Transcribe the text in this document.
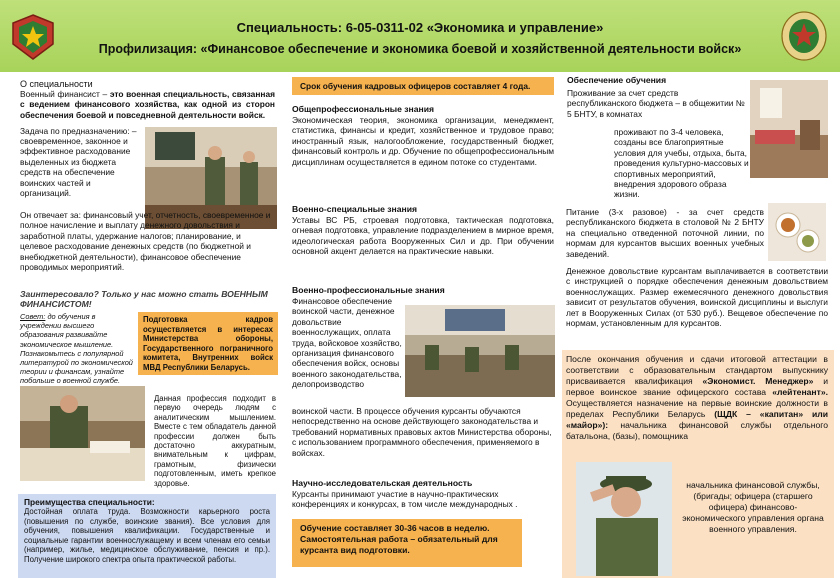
Специальность: 6-05-0311-02 «Экономика и управление»
Профилизация: «Финансовое обеспечение и экономика боевой и хозяйственной деятельности войск»
О специальности
Военный финансист – это военная специальность, связанная с ведением финансового хозяйства, как одной из сторон обеспечения боевой и повседневной деятельности войск.
Задача по предназначению: –
своевременное, законное и эффективное расходование выделенных из бюджета средств на обеспечение воинских частей и организаций.
Он отвечает за: финансовый учет, отчетность, своевременное и полное начисление и выплату денежного довольствия и заработной платы, удержание налогов; планирование, и целевое расходование денежных средств (по бюджетной и внебюджетной деятельности), финансовое обеспечение проводимых мероприятий.
Заинтересовало? Только у нас можно стать ВОЕННЫМ ФИНАНСИСТОМ!
Совет: до обучения в учреждении высшего образования развивайте экономическое мышление. Познакомьтесь с популярной литературой по экономической теории и финансам, узнайте побольше о военной службе.
Подготовка кадров осуществляется в интересах Министерства обороны, Государственного пограничного комитета, Внутренних войск МВД Республики Беларусь.
Данная профессия подходит в первую очередь людям с аналитическим мышлением. Вместе с тем обладатель данной профессии должен быть достаточно аккуратным, внимательным к цифрам, грамотным, физически подготовленным, иметь крепкое здоровье.
Преимущества специальности:
Достойная оплата труда. Возможности карьерного роста (повышения по службе, воинские звания). Все условия для обучения, повышения квалификации. Государственные и социальные гарантии военнослужащему и всем членам его семьи (например, жилье, медицинское обслуживание, пенсия и пр.). Получение широкого спектра опыта практической работы.
Срок обучения кадровых офицеров составляет 4 года.
Общепрофессиональные знания
Экономическая теория, экономика организации, менеджмент, статистика, финансы и кредит, хозяйственное и трудовое право; иностранный язык, налогообложение, государственный бюджет, финансовый контроль и др. Обучение по общепрофессиональным дисциплинам осуществляется в едином потоке со студентами.
Военно-специальные знания
Уставы ВС РБ, строевая подготовка, тактическая подготовка, огневая подготовка, управление подразделением в мирное время, идеологическая работа Вооруженных Сил и др. При обучении основной акцент делается на практические навыки.
Военно-профессиональные знания
Финансовое обеспечение воинской части, денежное довольствие военнослужащих, оплата труда, войсковое хозяйство, организация финансового обеспечения войск, основы военного законодательства, делопроизводство
воинской части. В процессе обучения курсанты обучаются непосредственно на основе действующего законодательства и требований нормативных правовых актов Министерства обороны, с использованием программного обеспечения, применяемого в войсках.
Научно-исследовательская деятельность
Курсанты принимают участие в научно-практических конференциях и конкурсах, в том числе международных .
Обучение составляет 30-36 часов в неделю. Самостоятельная работа – обязательный для курсанта вид подготовки.
Обеспечение обучения
Проживание за счет средств республиканского бюджета – в общежитии № 5 БНТУ, в комнатах
проживают по 3-4 человека, созданы все благоприятные условия для учебы, отдыха, быта, проведения культурно-массовых и спортивных мероприятий, внедрения здорового образа жизни.
Питание (3-х разовое) - за счет средств республиканского бюджета в столовой № 2 БНТУ на специально отведенной поточной линии, по нормам для курсантов высших военных учебных заведений.
Денежное довольствие курсантам выплачивается в соответствии с инструкцией о порядке обеспечения денежным довольствием военнослужащих. Размер ежемесячного денежного довольствия зависит от результатов обучения, воинской дисциплины и выслуги лет в Вооруженных Силах (от 530 руб.). Вещевое обеспечение по нормам, установленным для курсантов.
После окончания обучения и сдачи итоговой аттестации в соответствии с образовательным стандартом выпускнику присваивается квалификация «Экономист. Менеджер» и первое воинское звание офицерского состава «лейтенант». Осуществляется назначение на первые воинские должности в пределах Республики Беларусь (ЩДК – «капитан» или «майор»): начальника финансовой службы отдельного батальона, (базы), помощника
начальника финансовой службы, (бригады; офицера (старшего офицера) финансово-экономического управления органа военного управления.
